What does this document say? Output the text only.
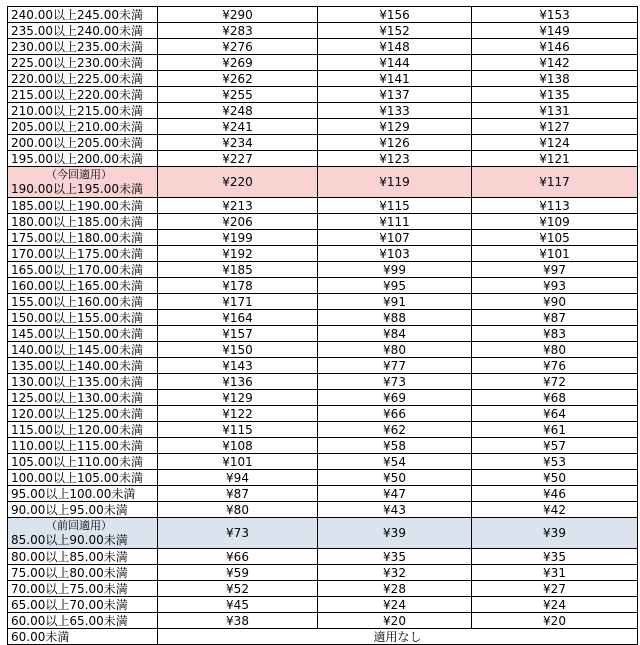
240.00以上245.00未満	¥290	¥156	¥153

235.00以上240.00未満	¥283	¥152	¥149

230.00以上235.00未満	¥276	¥148	¥146

225.00以上230.00未満	¥269	¥144	¥142

220.00以上225.00未満	¥262	¥141	¥138

215.00以上220.00未満	¥255	¥137	¥135

210.00以上215.00未満	¥248	¥133	¥131

205.00以上210.00未満	¥241	¥129	¥127

200.00以上205.00未満	¥234	¥126	¥124

195.00以上200.00未満	¥227	¥123	¥121

（今回適用）
190.00以上195.00未満	¥220	¥119	¥117

185.00以上190.00未満	¥213	¥115	¥113

180.00以上185.00未満	¥206	¥111	¥109

175.00以上180.00未満	¥199	¥107	¥105

170.00以上175.00未満	¥192	¥103	¥101

165.00以上170.00未満	¥185	¥99	¥97

160.00以上165.00未満	¥178	¥95	¥93

155.00以上160.00未満	¥171	¥91	¥90

150.00以上155.00未満	¥164	¥88	¥87

145.00以上150.00未満	¥157	¥84	¥83

140.00以上145.00未満	¥150	¥80	¥80

135.00以上140.00未満	¥143	¥77	¥76

130.00以上135.00未満	¥136	¥73	¥72

125.00以上130.00未満	¥129	¥69	¥68

120.00以上125.00未満	¥122	¥66	¥64

115.00以上120.00未満	¥115	¥62	¥61

110.00以上115.00未満	¥108	¥58	¥57

105.00以上110.00未満	¥101	¥54	¥53

100.00以上105.00未満	¥94	¥50	¥50

95.00以上100.00未満	¥87	¥47	¥46

90.00以上95.00未満	¥80	¥43	¥42

（前回適用）
85.00以上90.00未満	¥73	¥39	¥39

80.00以上85.00未満	¥66	¥35	¥35

75.00以上80.00未満	¥59	¥32	¥31

70.00以上75.00未満	¥52	¥28	¥27

65.00以上70.00未満	¥45	¥24	¥24

60.00以上65.00未満	¥38	¥20	¥20

60.00未満	適用なし		
